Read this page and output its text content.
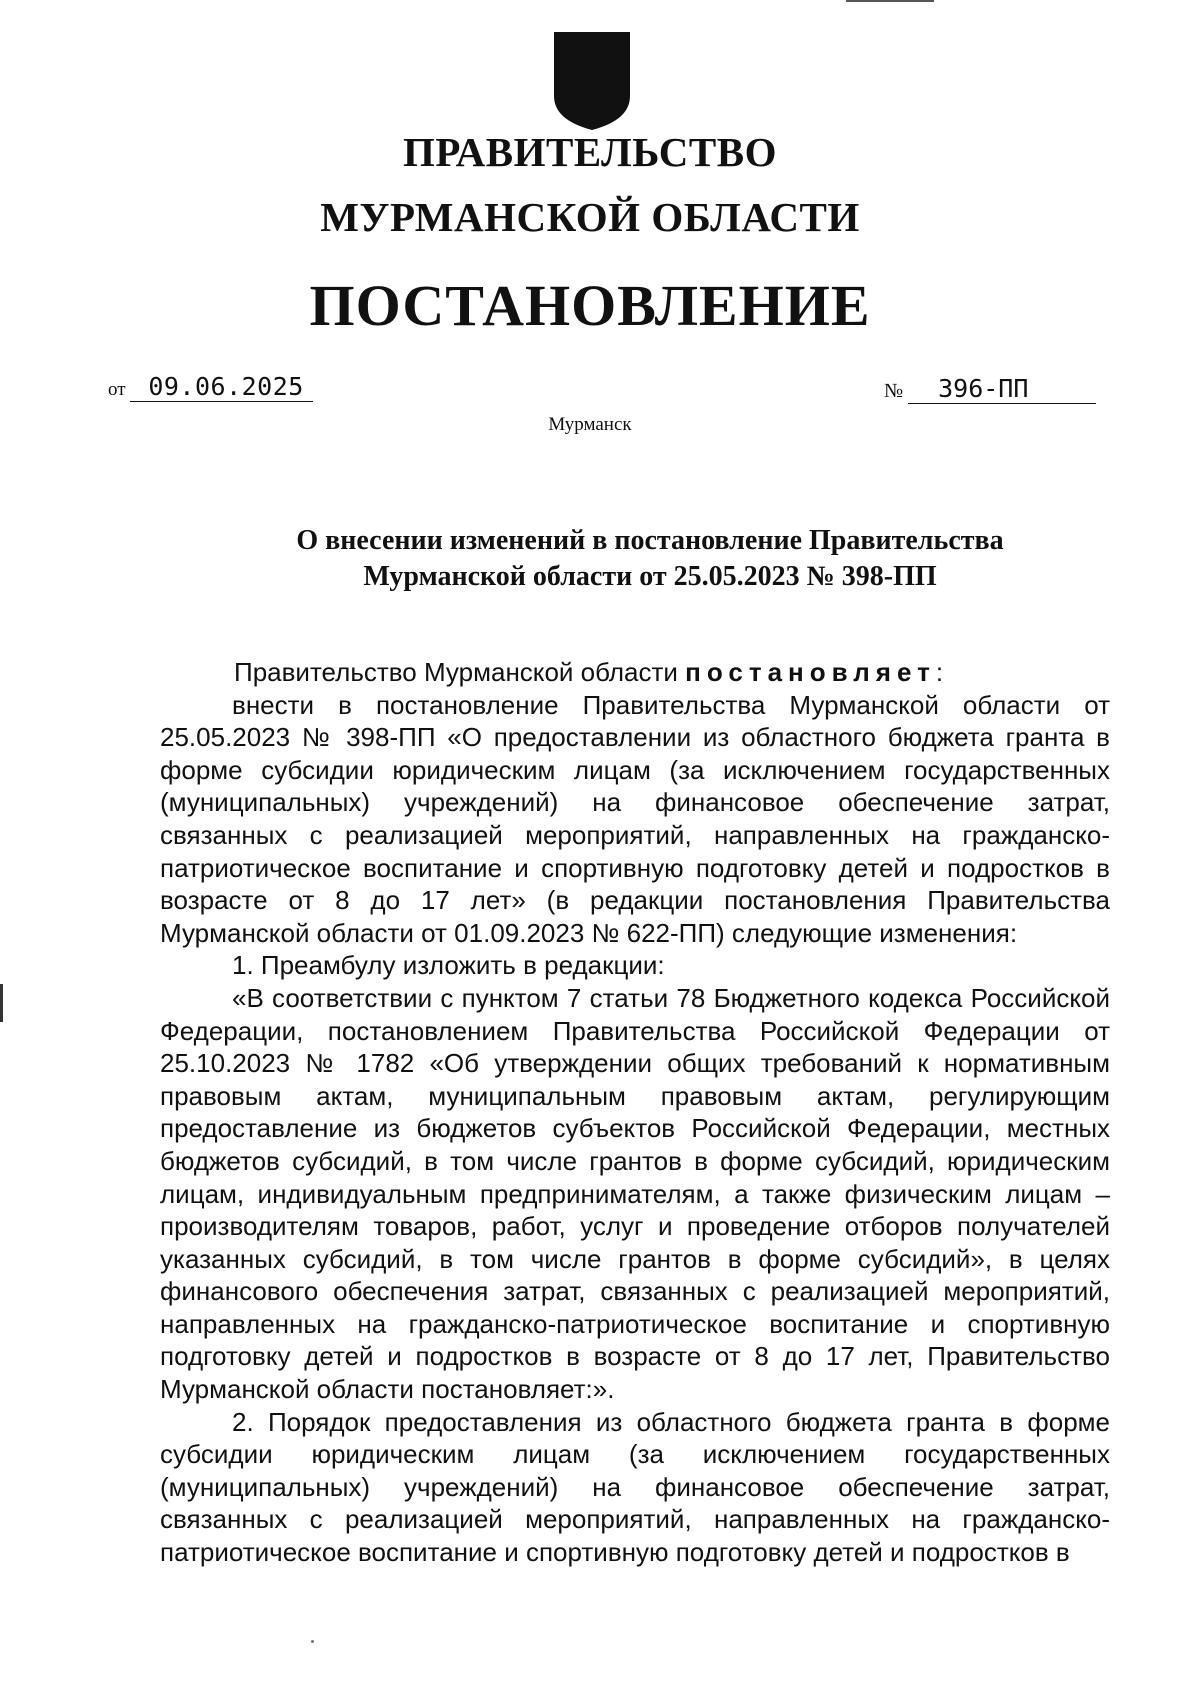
ПРАВИТЕЛЬСТВО
МУРМАНСКОЙ ОБЛАСТИ
ПОСТАНОВЛЕНИЕ
от 09.06.2025	№ 396-ПП
Мурманск
О внесении изменений в постановление Правительства
Мурманской области от 25.05.2023 № 398-ПП

Правительство Мурманской области постановляет:

внести в постановление Правительства Мурманской области от 25.05.2023 № 398-ПП «О предоставлении из областного бюджета гранта в форме субсидии юридическим лицам (за исключением государственных (муниципальных) учреждений) на финансовое обеспечение затрат, связанных с реализацией мероприятий, направленных на гражданско-патриотическое воспитание и спортивную подготовку детей и подростков в возрасте от 8 до 17 лет» (в редакции постановления Правительства Мурманской области от 01.09.2023 № 622-ПП) следующие изменения:

1. Преамбулу изложить в редакции:

«В соответствии с пунктом 7 статьи 78 Бюджетного кодекса Российской Федерации, постановлением Правительства Российской Федерации от 25.10.2023 № 1782 «Об утверждении общих требований к нормативным правовым актам, муниципальным правовым актам, регулирующим предоставление из бюджетов субъектов Российской Федерации, местных бюджетов субсидий, в том числе грантов в форме субсидий, юридическим лицам, индивидуальным предпринимателям, а также физическим лицам – производителям товаров, работ, услуг и проведение отборов получателей указанных субсидий, в том числе грантов в форме субсидий», в целях финансового обеспечения затрат, связанных с реализацией мероприятий, направленных на гражданско-патриотическое воспитание и спортивную подготовку детей и подростков в возрасте от 8 до 17 лет, Правительство Мурманской области постановляет:».

2. Порядок предоставления из областного бюджета гранта в форме субсидии юридическим лицам (за исключением государственных (муниципальных) учреждений) на финансовое обеспечение затрат, связанных с реализацией мероприятий, направленных на гражданско-патриотическое воспитание и спортивную подготовку детей и подростков в
